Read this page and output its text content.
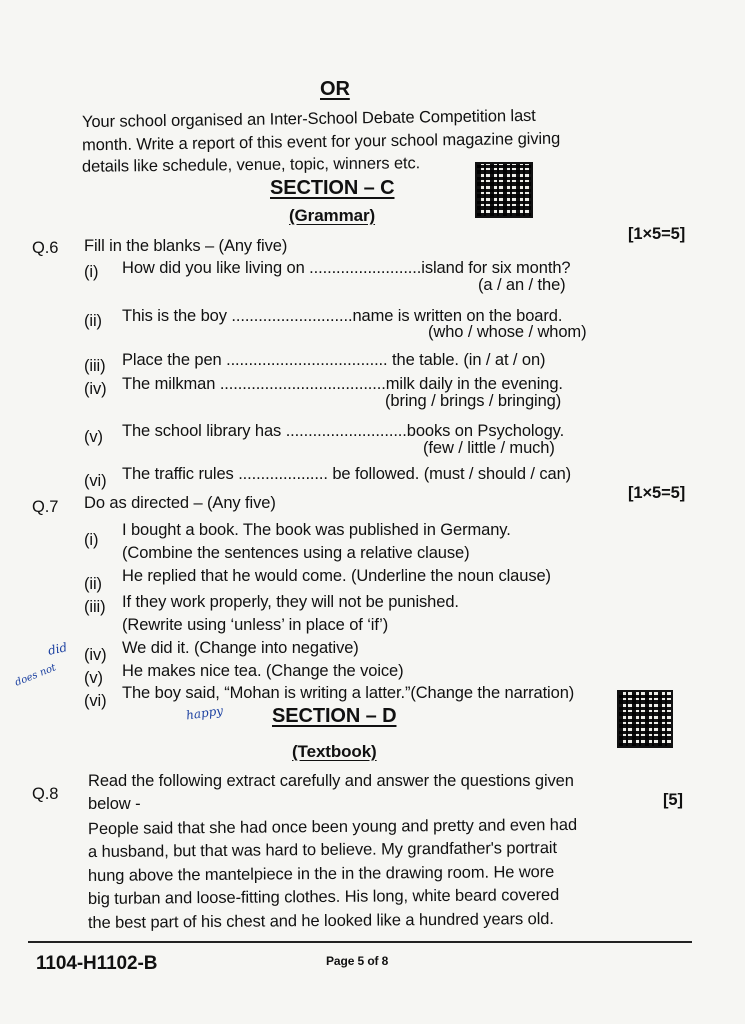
OR
Your school organised an Inter-School Debate Competition last
month. Write a report of this event for your school magazine giving
details like schedule, venue, topic, winners etc.
SECTION – C
(Grammar)
Q.6 Fill in the blanks – (Any five)
[1×5=5]
(i) How did you like living on .........................island for six month?
(a / an / the)
(ii) This is the boy ...........................name is written on the board.
(who / whose / whom)
(iii) Place the pen .................................... the table. (in / at / on)
(iv) The milkman .....................................milk daily in the evening.
(bring / brings / bringing)
(v) The school library has ...........................books on Psychology.
(few / little / much)
(vi) The traffic rules .................... be followed. (must / should / can)
Q.7 Do as directed – (Any five)
[1×5=5]
(i)
I bought a book. The book was published in Germany.
(Combine the sentences using a relative clause)
(ii) He replied that he would come. (Underline the noun clause)
(iii) If they work properly, they will not be punished.
(Rewrite using ‘unless’ in place of ‘if’)
(iv) We did it. (Change into negative)
(v) He makes nice tea. (Change the voice)
(vi) The boy said, “Mohan is writing a latter.”(Change the narration)
did
does not
happy SECTION – D
(Textbook)
Q.8
Read the following extract carefully and answer the questions given
below -	[5]
People said that she had once been young and pretty and even had
a husband, but that was hard to believe. My grandfather's portrait
hung above the mantelpiece in the in the drawing room. He wore
big turban and loose-fitting clothes. His long, white beard covered
the best part of his chest and he looked like a hundred years old.
1104-H1102-B	Page 5 of 8
